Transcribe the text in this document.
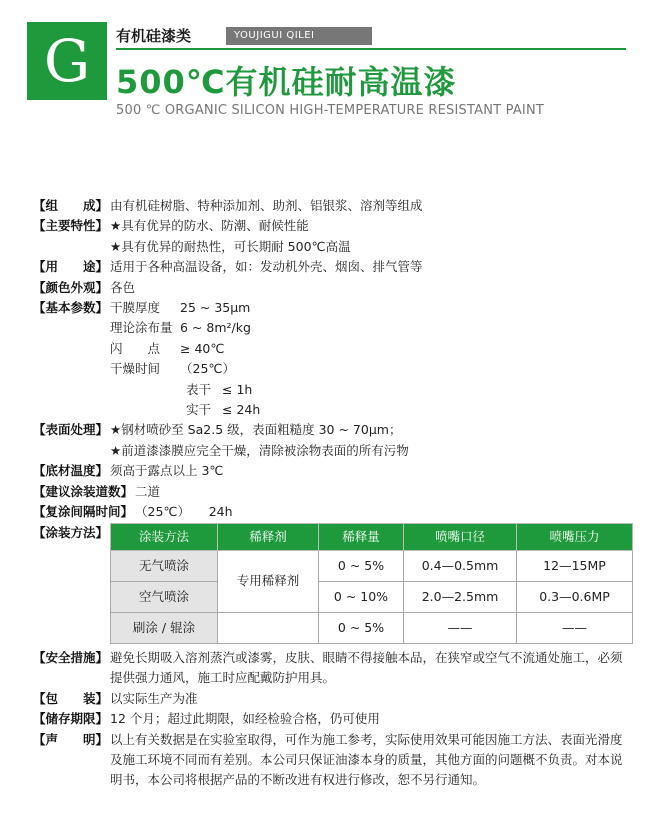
G	有机硅漆类	YOUJIGUI QILEI
500℃有机硅耐高温漆
500 ℃ ORGANIC SILICON HIGH-TEMPERATURE RESISTANT PAINT
【组　　成】 由有机硅树脂、特种添加剂、助剂、铝银浆、溶剂等组成
【主要特性】 ★具有优异的防水、防潮、耐候性能
★具有优异的耐热性，可长期耐 500℃高温
【用　　途】 适用于各种高温设备，如：发动机外壳、烟囱、排气管等
【颜色外观】 各色
【基本参数】 干膜厚度	25 ~ 35μm
理论涂布量 6 ~ 8m²/kg
闪　　点	≥ 40℃
干燥时间	（25℃）
表干 ≤ 1h
实干 ≤ 24h
【表面处理】 ★钢材喷砂至 Sa2.5 级，表面粗糙度 30 ~ 70μm；
★前道漆漆膜应完全干燥，清除被涂物表面的所有污物
【底材温度】 须高于露点以上 3℃
【建议涂装道数】 二道
【复涂间隔时间】 （25℃）　　24h
【涂装方法】 涂装方法	稀释剂	稀释量	喷嘴口径	喷嘴压力
无气喷涂	专用稀释剂	0 ~ 5%	0.4—0.5mm	12—15MP
空气喷涂		0 ~ 10%	2.0—2.5mm	0.3—0.6MP
刷涂 / 辊涂		0 ~ 5%	——	——
【安全措施】 避免长期吸入溶剂蒸汽或漆雾，皮肤、眼睛不得接触本品，在狭窄或空气不流通处施工，必须提供强力通风，施工时应配戴防护用具。
【包　　装】 以实际生产为准
【储存期限】 12 个月；超过此期限，如经检验合格，仍可使用
【声　　明】 以上有关数据是在实验室取得，可作为施工参考，实际使用效果可能因施工方法、表面光滑度及施工环境不同而有差别。本公司只保证油漆本身的质量，其他方面的问题概不负责。对本说明书，本公司将根据产品的不断改进有权进行修改，恕不另行通知。
